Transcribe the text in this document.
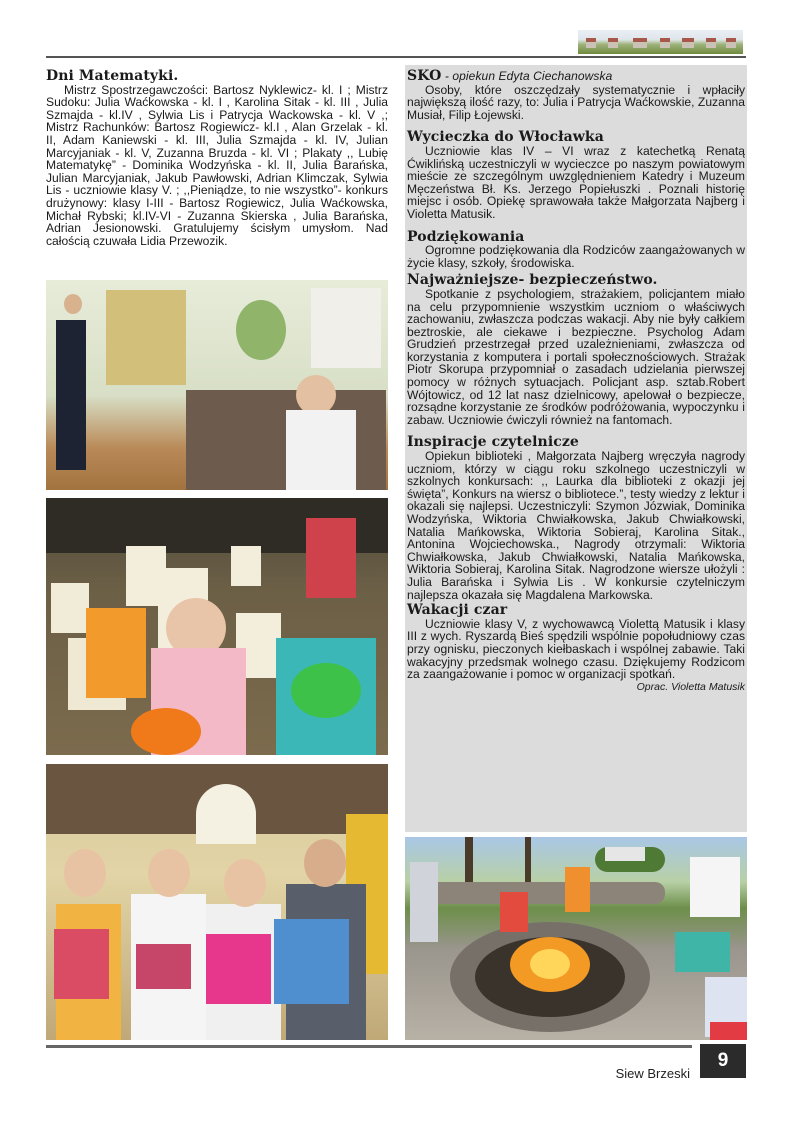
Dni Matematyki.

Mistrz Spostrzegawczości: Bartosz Nyklewicz- kl. I ; Mistrz Sudoku: Julia Waćkowska - kl. I , Karolina Sitak - kl. III , Julia Szmajda - kl.IV , Sylwia Lis i Patrycja Wackowska - kl. V ,; Mistrz Rachunków: Bartosz Rogiewicz- kl.I , Alan Grzelak - kl. II, Adam Kaniewski - kl. III, Julia Szmajda - kl. IV, Julian Marcyjaniak - kl. V, Zuzanna Bruzda - kl. VI ; Plakaty ,, Lubię Matematykę” - Dominika Wodzyńska - kl. II, Julia Barańska, Julian Marcyjaniak, Jakub Pawłowski, Adrian Klimczak, Sylwia Lis - uczniowie klasy V. ; ,,Pieniądze, to nie wszystko”- konkurs drużynowy: klasy I-III - Bartosz Rogiewicz, Julia Waćkowska, Michał Rybski; kl.IV-VI - Zuzanna Skierska , Julia Barańska, Adrian Jesionowski. Gratulujemy ścisłym umysłom. Nad całością czuwała Lidia Przewozik.

SKO - opiekun Edyta Ciechanowska

Osoby, które oszczędzały systematycznie i wpłaciły największą ilość razy, to: Julia i Patrycja Waćkowskie, Zuzanna Musiał, Filip Łojewski.

Wycieczka do Włocławka

Uczniowie klas IV – VI wraz z katechetką Renatą Ćwiklińską uczestniczyli w wycieczce po naszym powiatowym mieście ze szczególnym uwzględnieniem Katedry i Muzeum Męczeństwa Bł. Ks. Jerzego Popiełuszki . Poznali historię miejsc i osób. Opiekę sprawowała także Małgorzata Najberg i Violetta Matusik.

Podziękowania

Ogromne podziękowania dla Rodziców zaangażowanych w życie klasy, szkoły, środowiska.

Najważniejsze- bezpieczeństwo.

Spotkanie z psychologiem, strażakiem, policjantem miało na celu przypomnienie wszystkim uczniom o właściwych zachowaniu, zwłaszcza podczas wakacji. Aby nie były całkiem beztroskie, ale ciekawe i bezpieczne. Psycholog Adam Grudzień przestrzegał przed uzależnieniami, zwłaszcza od korzystania z komputera i portali społecznościowych. Strażak Piotr Skorupa przypomniał o zasadach udzielania pierwszej pomocy w różnych sytuacjach. Policjant asp. sztab.Robert Wójtowicz, od 12 lat nasz dzielnicowy, apelował o bezpiecze, rozsądne korzystanie ze środków podróżowania, wypoczynku i zabaw. Uczniowie ćwiczyli również na fantomach.

Inspiracje czytelnicze

Opiekun biblioteki , Małgorzata Najberg wręczyła nagrody uczniom, którzy w ciągu roku szkolnego uczestniczyli w szkolnych konkursach: ,, Laurka dla biblioteki z okazji jej święta”, Konkurs na wiersz o bibliotece.”, testy wiedzy z lektur i okazali się najlepsi. Uczestniczyli: Szymon Józwiak, Dominika Wodzyńska, Wiktoria Chwiałkowska, Jakub Chwiałkowski, Natalia Mańkowska, Wiktoria Sobieraj, Karolina Sitak., Antonina Wojciechowska., Nagrody otrzymali: Wiktoria Chwiałkowska, Jakub Chwiałkowski, Natalia Mańkowska, Wiktoria Sobieraj, Karolina Sitak. Nagrodzone wiersze ułożyli : Julia Barańska i Sylwia Lis . W konkursie czytelniczym najlepsza okazała się Magdalena Markowska.

Wakacji czar

Uczniowie klasy V, z wychowawcą Violettą Matusik i klasy III z wych. Ryszardą Bieś spędzili wspólnie popołudniowy czas przy ognisku, pieczonych kiełbaskach i wspólnej zabawie. Taki wakacyjny przedsmak wolnego czasu. Dziękujemy Rodzicom za zaangażowanie i pomoc w organizacji spotkań.

Oprac. Violetta Matusik
Siew Brzeski
9
